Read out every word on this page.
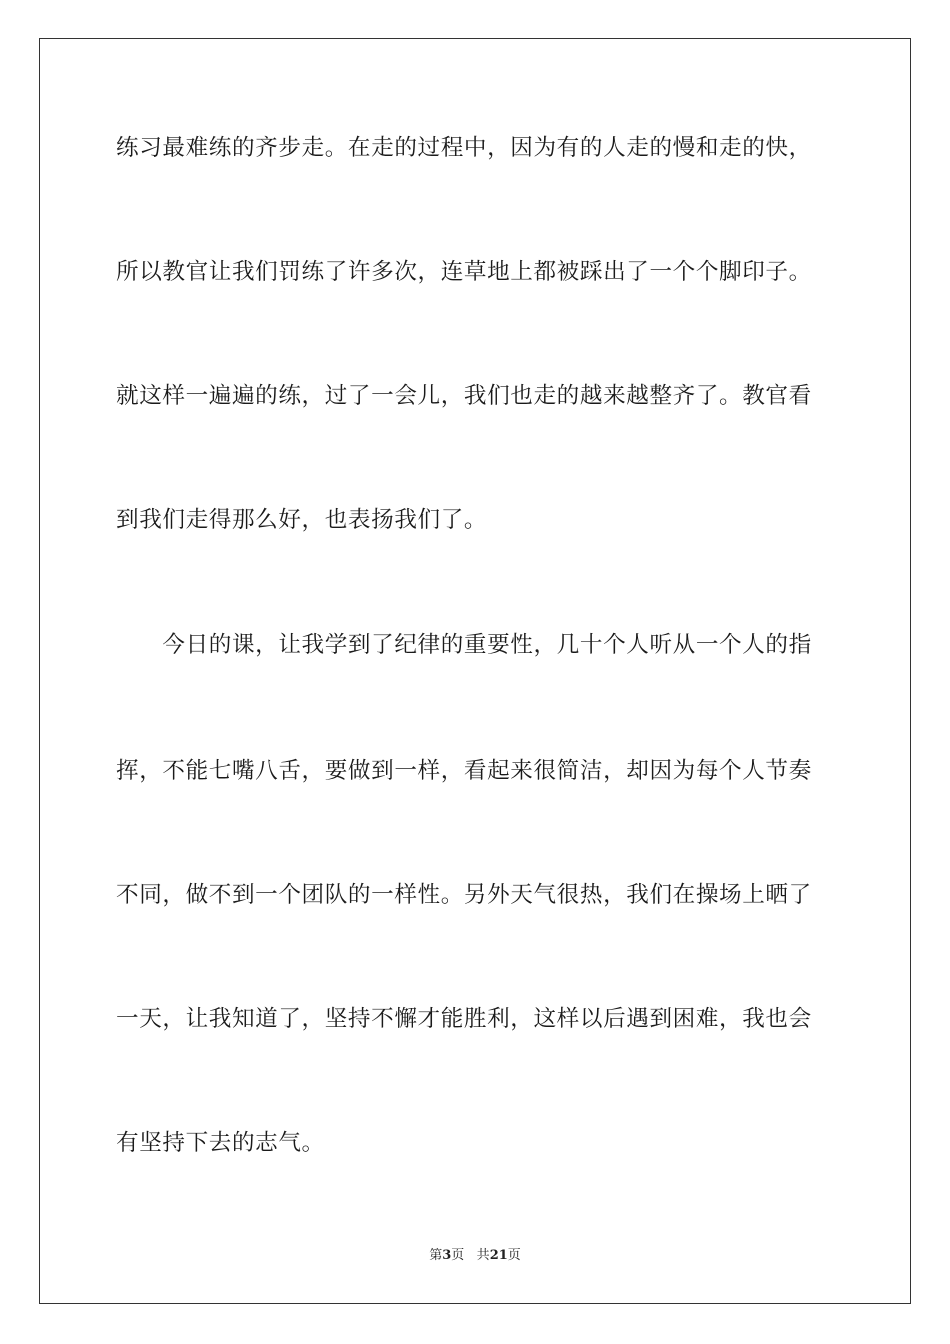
练习最难练的齐步走。在走的过程中，因为有的人走的慢和走的快，
所以教官让我们罚练了许多次，连草地上都被踩出了一个个脚印子。
就这样一遍遍的练，过了一会儿，我们也走的越来越整齐了。教官看
到我们走得那么好，也表扬我们了。
　　今日的课，让我学到了纪律的重要性，几十个人听从一个人的指
挥，不能七嘴八舌，要做到一样，看起来很简洁，却因为每个人节奏
不同，做不到一个团队的一样性。另外天气很热，我们在操场上晒了
一天，让我知道了，坚持不懈才能胜利，这样以后遇到困难，我也会
有坚持下去的志气。
第3页 共21页
